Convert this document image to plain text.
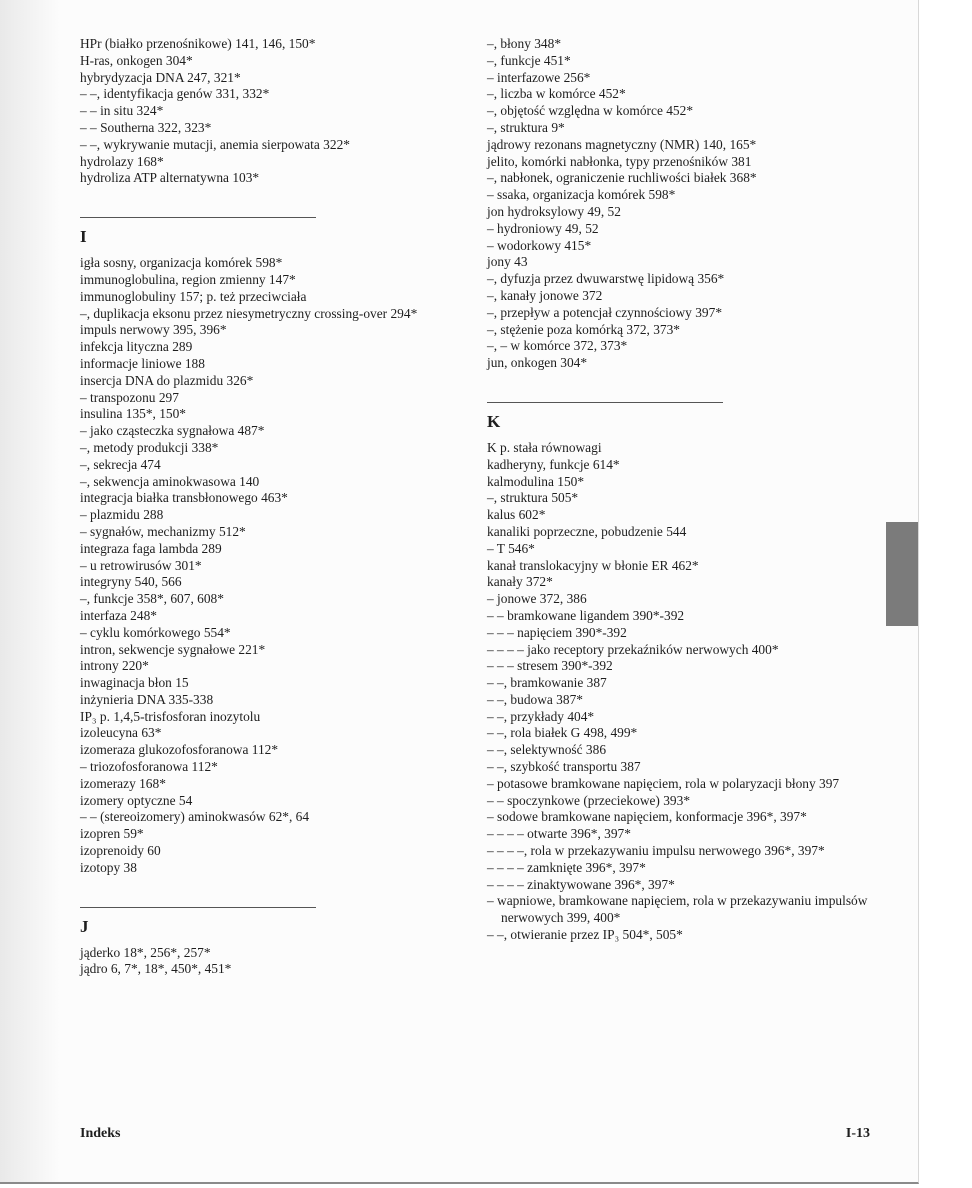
HPr (białko przenośnikowe) 141, 146, 150*

H-ras, onkogen 304*

hybrydyzacja DNA 247, 321*

– –, identyfikacja genów 331, 332*

– – in situ 324*

– – Southerna 322, 323*

– –, wykrywanie mutacji, anemia sierpowata 322*

hydrolazy 168*

hydroliza ATP alternatywna 103*

I

igła sosny, organizacja komórek 598*

immunoglobulina, region zmienny 147*

immunoglobuliny 157; p. też przeciwciała

–, duplikacja eksonu przez niesymetryczny crossing-over 294*

impuls nerwowy 395, 396*

infekcja lityczna 289

informacje liniowe 188

insercja DNA do plazmidu 326*

– transpozonu 297

insulina 135*, 150*

– jako cząsteczka sygnałowa 487*

–, metody produkcji 338*

–, sekrecja 474

–, sekwencja aminokwasowa 140

integracja białka transbłonowego 463*

– plazmidu 288

– sygnałów, mechanizmy 512*

integraza faga lambda 289

– u retrowirusów 301*

integryny 540, 566

–, funkcje 358*, 607, 608*

interfaza 248*

– cyklu komórkowego 554*

intron, sekwencje sygnałowe 221*

introny 220*

inwaginacja błon 15

inżynieria DNA 335-338

IP₃ p. 1,4,5-trisfosforan inozytolu

izoleucyna 63*

izomeraza glukozofosforanowa 112*

– triozofosforanowa 112*

izomerazy 168*

izomery optyczne 54

– – (stereoizomery) aminokwasów 62*, 64

izopren 59*

izoprenoidy 60

izotopy 38

J

jąderko 18*, 256*, 257*

jądro 6, 7*, 18*, 450*, 451*

–, błony 348*

–, funkcje 451*

– interfazowe 256*

–, liczba w komórce 452*

–, objętość względna w komórce 452*

–, struktura 9*

jądrowy rezonans magnetyczny (NMR) 140, 165*

jelito, komórki nabłonka, typy przenośników 381

–, nabłonek, ograniczenie ruchliwości białek 368*

– ssaka, organizacja komórek 598*

jon hydroksylowy 49, 52

– hydroniowy 49, 52

– wodorkowy 415*

jony 43

–, dyfuzja przez dwuwarstwę lipidową 356*

–, kanały jonowe 372

–, przepływ a potencjał czynnościowy 397*

–, stężenie poza komórką 372, 373*

–, – w komórce 372, 373*

jun, onkogen 304*

K

K p. stała równowagi

kadheryny, funkcje 614*

kalmodulina 150*

–, struktura 505*

kalus 602*

kanaliki poprzeczne, pobudzenie 544

– T 546*

kanał translokacyjny w błonie ER 462*

kanały 372*

– jonowe 372, 386

– – bramkowane ligandem 390*-392

– – – napięciem 390*-392

– – – – jako receptory przekaźników nerwowych 400*

– – – stresem 390*-392

– –, bramkowanie 387

– –, budowa 387*

– –, przykłady 404*

– –, rola białek G 498, 499*

– –, selektywność 386

– –, szybkość transportu 387

– potasowe bramkowane napięciem, rola w polaryzacji błony 397

– – spoczynkowe (przeciekowe) 393*

– sodowe bramkowane napięciem, konformacje 396*, 397*

– – – – otwarte 396*, 397*

– – – –, rola w przekazywaniu impulsu nerwowego 396*, 397*

– – – – zamknięte 396*, 397*

– – – – zinaktywowane 396*, 397*

– wapniowe, bramkowane napięciem, rola w przekazywaniu impulsów nerwowych 399, 400*

– –, otwieranie przez IP₃ 504*, 505*

Indeks	I-13
